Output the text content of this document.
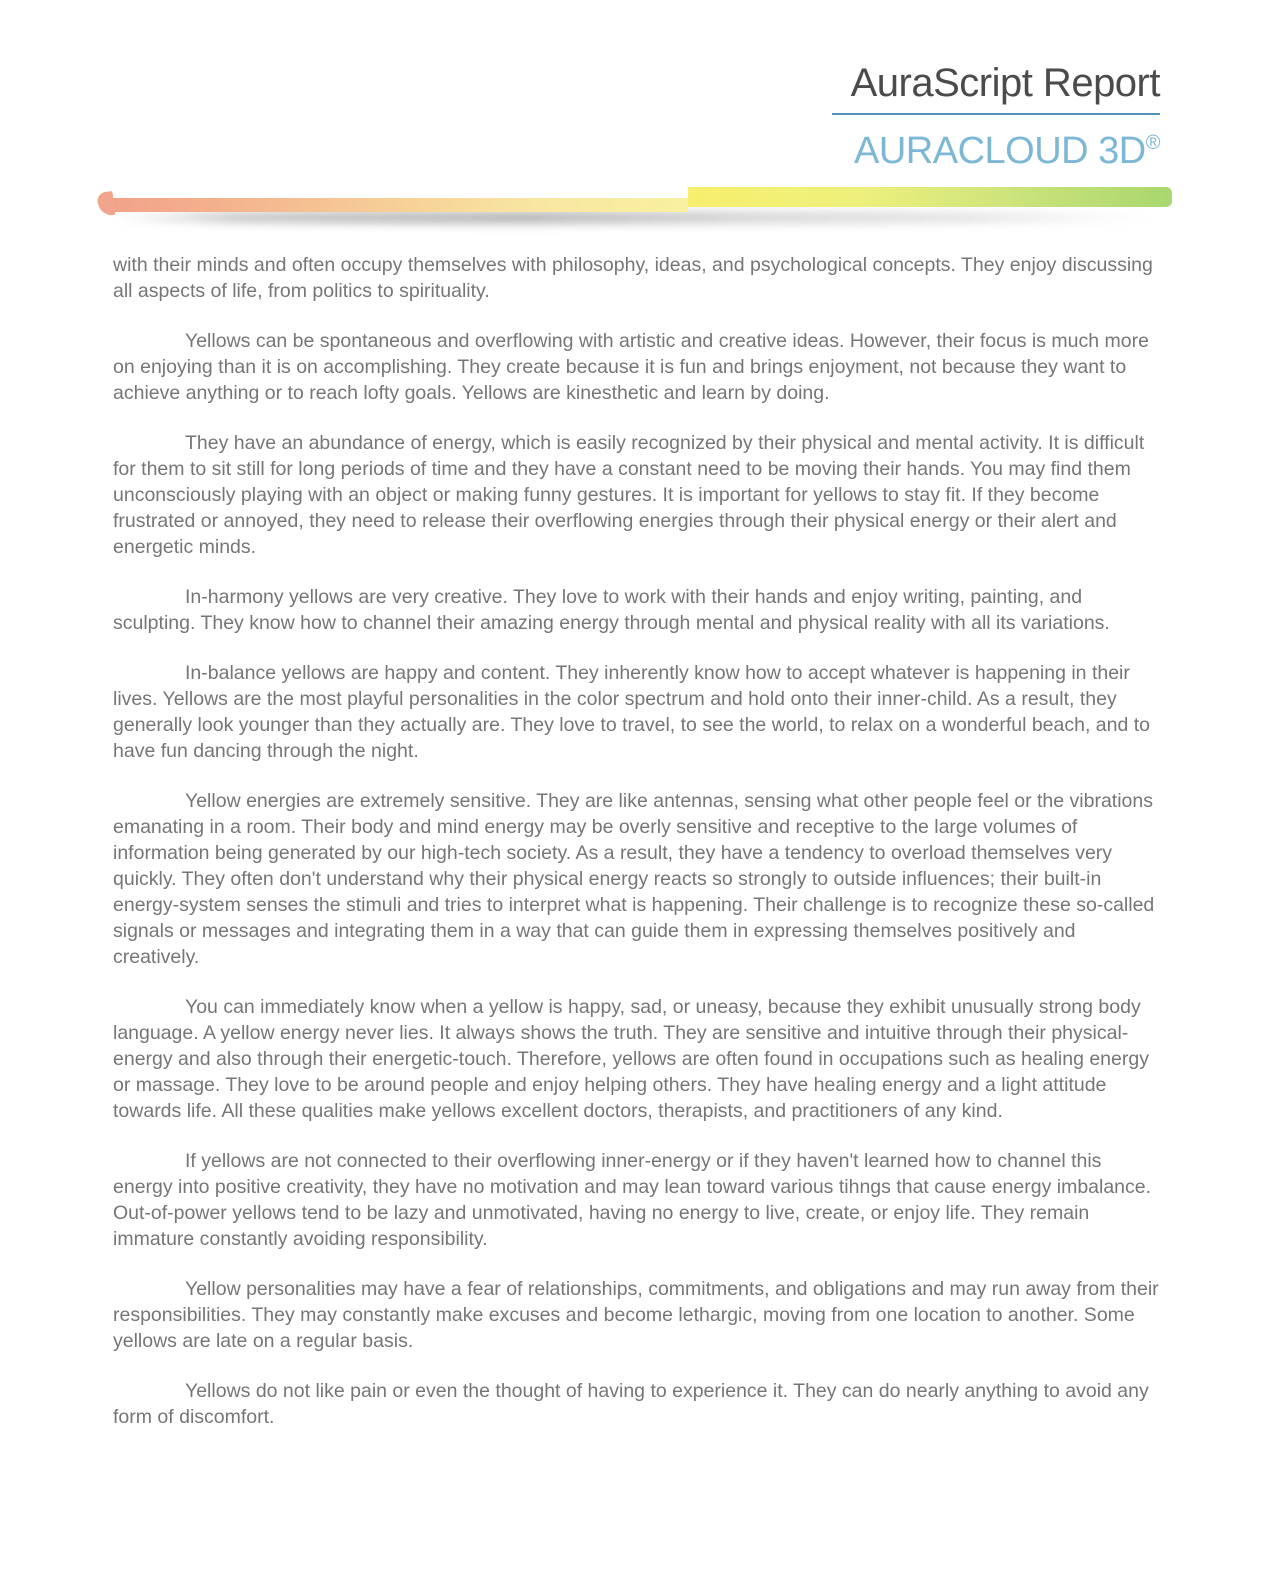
AuraScript Report
AURACLOUD 3D®

with their minds and often occupy themselves with philosophy, ideas, and psychological concepts. They enjoy discussing all aspects of life, from politics to spirituality.

Yellows can be spontaneous and overflowing with artistic and creative ideas. However, their focus is much more on enjoying than it is on accomplishing. They create because it is fun and brings enjoyment, not because they want to achieve anything or to reach lofty goals. Yellows are kinesthetic and learn by doing.

They have an abundance of energy, which is easily recognized by their physical and mental activity. It is difficult for them to sit still for long periods of time and they have a constant need to be moving their hands. You may find them unconsciously playing with an object or making funny gestures. It is important for yellows to stay fit. If they become frustrated or annoyed, they need to release their overflowing energies through their physical energy or their alert and energetic minds.

In-harmony yellows are very creative. They love to work with their hands and enjoy writing, painting, and sculpting. They know how to channel their amazing energy through mental and physical reality with all its variations.

In-balance yellows are happy and content. They inherently know how to accept whatever is happening in their lives. Yellows are the most playful personalities in the color spectrum and hold onto their inner-child. As a result, they generally look younger than they actually are. They love to travel, to see the world, to relax on a wonderful beach, and to have fun dancing through the night.

Yellow energies are extremely sensitive. They are like antennas, sensing what other people feel or the vibrations emanating in a room. Their body and mind energy may be overly sensitive and receptive to the large volumes of information being generated by our high-tech society. As a result, they have a tendency to overload themselves very quickly. They often don't understand why their physical energy reacts so strongly to outside influences; their built-in energy-system senses the stimuli and tries to interpret what is happening. Their challenge is to recognize these so-called signals or messages and integrating them in a way that can guide them in expressing themselves positively and creatively.

You can immediately know when a yellow is happy, sad, or uneasy, because they exhibit unusually strong body language. A yellow energy never lies. It always shows the truth. They are sensitive and intuitive through their physical-energy and also through their energetic-touch. Therefore, yellows are often found in occupations such as healing energy or massage. They love to be around people and enjoy helping others. They have healing energy and a light attitude towards life. All these qualities make yellows excellent doctors, therapists, and practitioners of any kind.

If yellows are not connected to their overflowing inner-energy or if they haven't learned how to channel this energy into positive creativity, they have no motivation and may lean toward various tihngs that cause energy imbalance. Out-of-power yellows tend to be lazy and unmotivated, having no energy to live, create, or enjoy life. They remain immature constantly avoiding responsibility.

Yellow personalities may have a fear of relationships, commitments, and obligations and may run away from their responsibilities. They may constantly make excuses and become lethargic, moving from one location to another. Some yellows are late on a regular basis.

Yellows do not like pain or even the thought of having to experience it. They can do nearly anything to avoid any form of discomfort.
